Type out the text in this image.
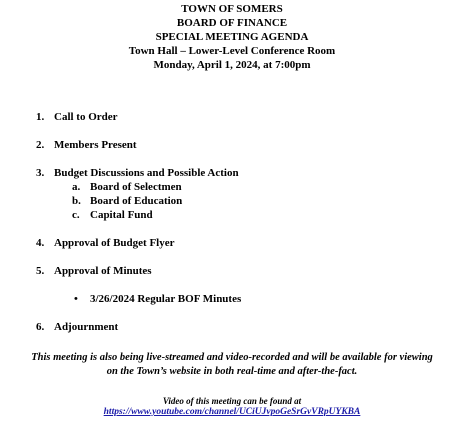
TOWN OF SOMERS
BOARD OF FINANCE
SPECIAL MEETING AGENDA
Town Hall – Lower-Level Conference Room
Monday, April 1, 2024, at 7:00pm
1. Call to Order
2. Members Present
3. Budget Discussions and Possible Action
a. Board of Selectmen
b. Board of Education
c. Capital Fund
4. Approval of Budget Flyer
5. Approval of Minutes
• 3/26/2024 Regular BOF Minutes
6. Adjournment
This meeting is also being live-streamed and video-recorded and will be available for viewing
on the Town’s website in both real-time and after-the-fact.
Video of this meeting can be found at
https://www.youtube.com/channel/UCiUJvpoGeSrGvVRpUYKBA
